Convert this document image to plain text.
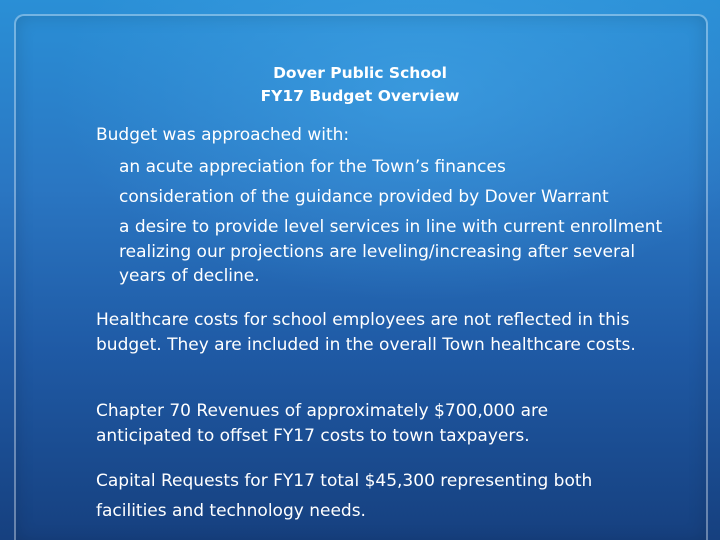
Dover Public School
FY17 Budget Overview
Budget was approached with:
an acute appreciation for the Town’s finances
consideration of the guidance provided by Dover Warrant
a desire to provide level services in line with current enrollment realizing our projections are leveling/increasing after several years of decline.
Healthcare costs for school employees are not reflected in this budget. They are included in the overall Town healthcare costs.
Chapter 70 Revenues of approximately $700,000 are anticipated to offset FY17 costs to town taxpayers.
Capital Requests for FY17 total $45,300 representing both facilities and technology needs.
